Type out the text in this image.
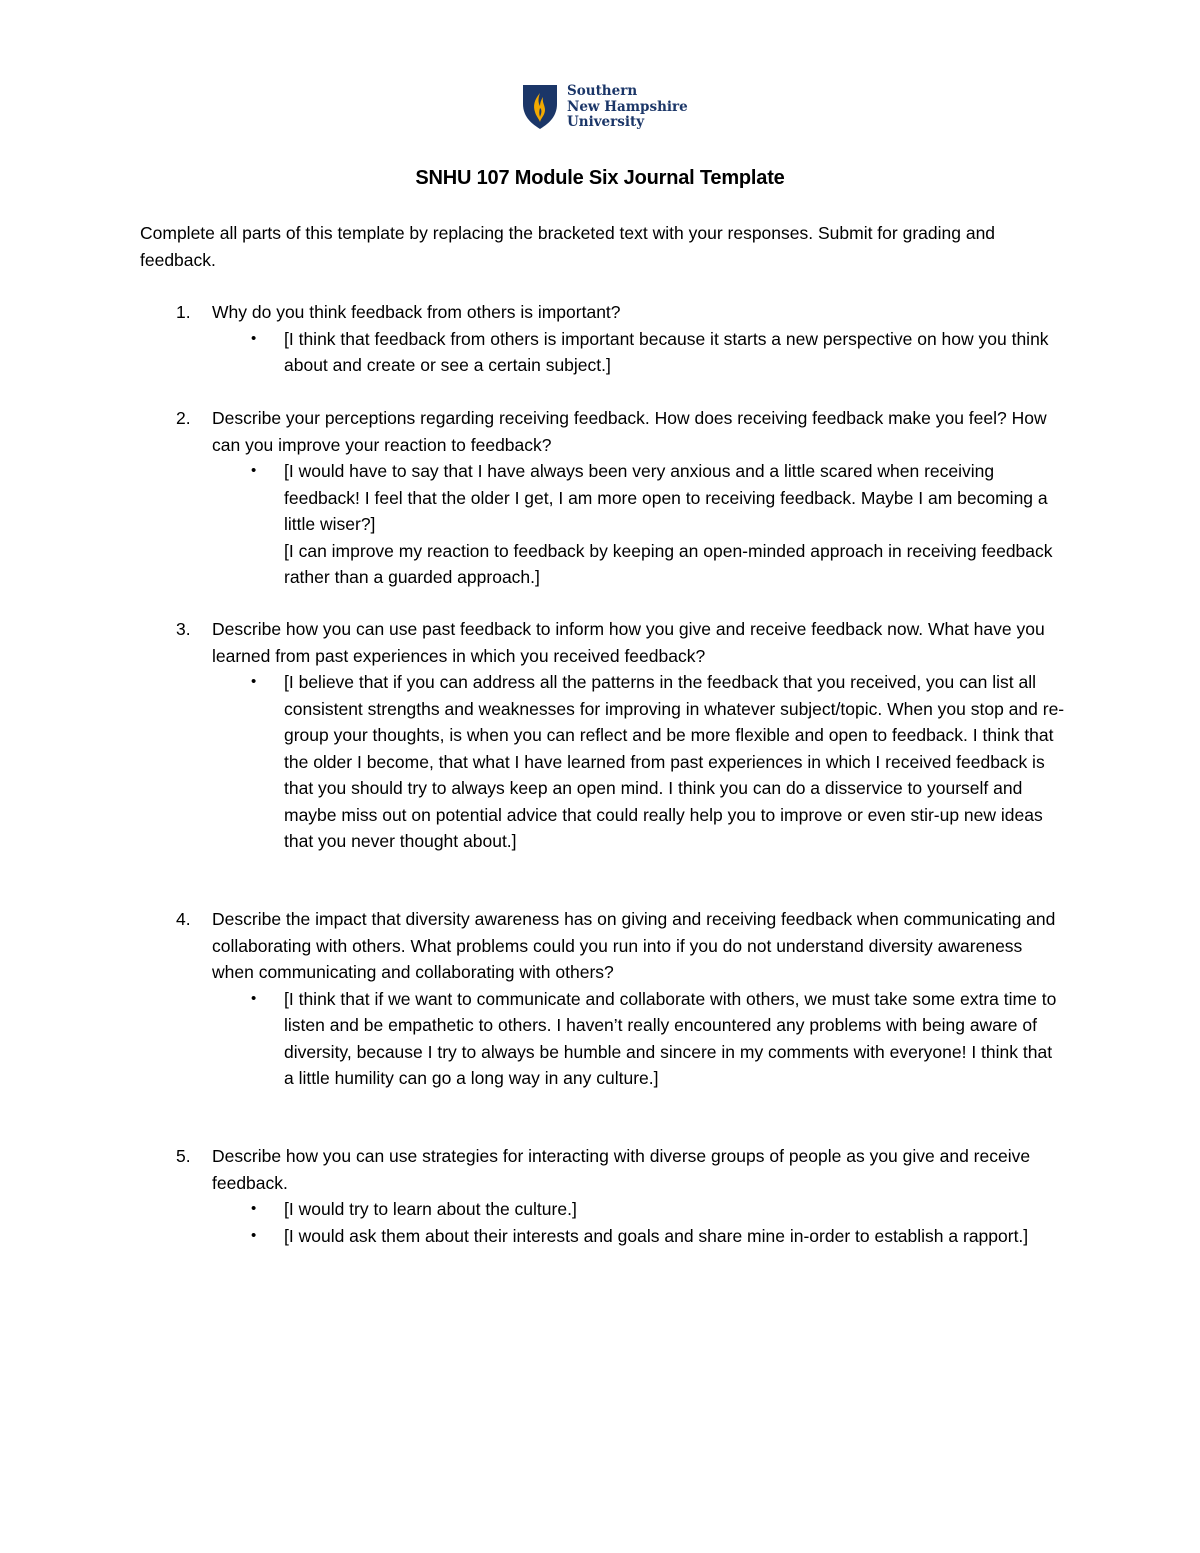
Southern
New Hampshire
University
SNHU 107 Module Six Journal Template
Complete all parts of this template by replacing the bracketed text with your responses. Submit for grading and feedback.
1. Why do you think feedback from others is important?
• [I think that feedback from others is important because it starts a new perspective on how you think about and create or see a certain subject.]
2. Describe your perceptions regarding receiving feedback. How does receiving feedback make you feel? How can you improve your reaction to feedback?
• [I would have to say that I have always been very anxious and a little scared when receiving feedback! I feel that the older I get, I am more open to receiving feedback. Maybe I am becoming a little wiser?]
[I can improve my reaction to feedback by keeping an open-minded approach in receiving feedback rather than a guarded approach.]
3. Describe how you can use past feedback to inform how you give and receive feedback now. What have you learned from past experiences in which you received feedback?
• [I believe that if you can address all the patterns in the feedback that you received, you can list all consistent strengths and weaknesses for improving in whatever subject/topic. When you stop and re-group your thoughts, is when you can reflect and be more flexible and open to feedback. I think that the older I become, that what I have learned from past experiences in which I received feedback is that you should try to always keep an open mind. I think you can do a disservice to yourself and maybe miss out on potential advice that could really help you to improve or even stir-up new ideas that you never thought about.]
4. Describe the impact that diversity awareness has on giving and receiving feedback when communicating and collaborating with others. What problems could you run into if you do not understand diversity awareness when communicating and collaborating with others?
• [I think that if we want to communicate and collaborate with others, we must take some extra time to listen and be empathetic to others. I haven’t really encountered any problems with being aware of diversity, because I try to always be humble and sincere in my comments with everyone! I think that a little humility can go a long way in any culture.]
5. Describe how you can use strategies for interacting with diverse groups of people as you give and receive feedback.
• [I would try to learn about the culture.]
• [I would ask them about their interests and goals and share mine in-order to establish a rapport.]
